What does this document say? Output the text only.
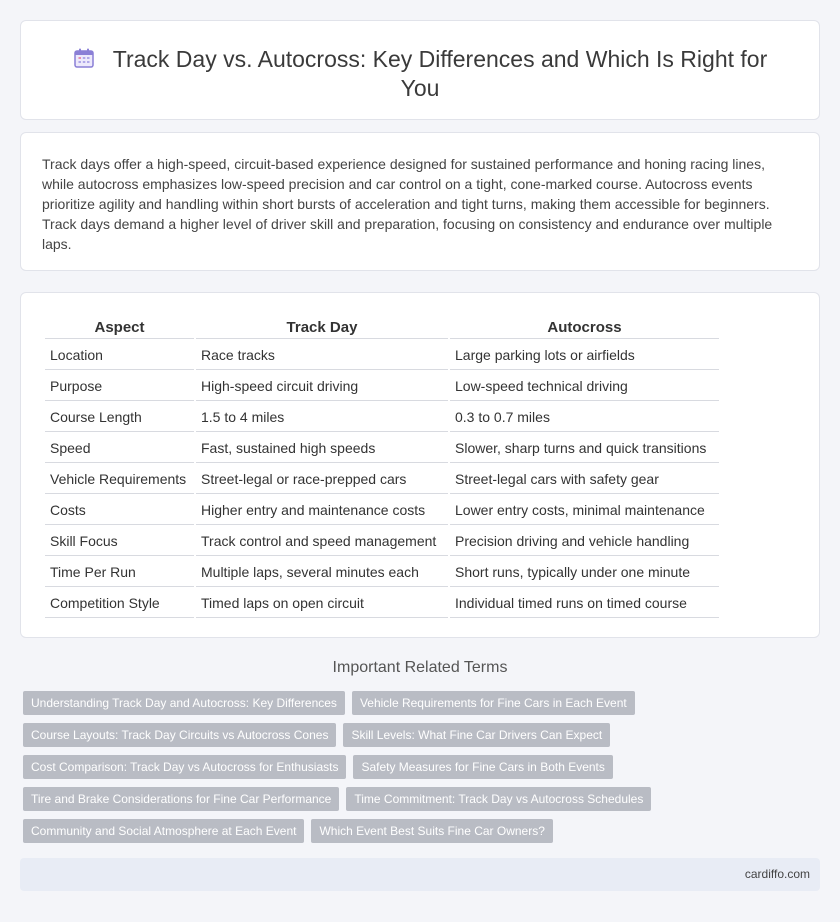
Track Day vs. Autocross: Key Differences and Which Is Right for You

Track days offer a high-speed, circuit-based experience designed for sustained performance and honing racing lines, while autocross emphasizes low-speed precision and car control on a tight, cone-marked course. Autocross events prioritize agility and handling within short bursts of acceleration and tight turns, making them accessible for beginners. Track days demand a higher level of driver skill and preparation, focusing on consistency and endurance over multiple laps.

Aspect	Track Day	Autocross
Location	Race tracks	Large parking lots or airfields
Purpose	High-speed circuit driving	Low-speed technical driving
Course Length	1.5 to 4 miles	0.3 to 0.7 miles
Speed	Fast, sustained high speeds	Slower, sharp turns and quick transitions
Vehicle Requirements	Street-legal or race-prepped cars	Street-legal cars with safety gear
Costs	Higher entry and maintenance costs	Lower entry costs, minimal maintenance
Skill Focus	Track control and speed management	Precision driving and vehicle handling
Time Per Run	Multiple laps, several minutes each	Short runs, typically under one minute
Competition Style	Timed laps on open circuit	Individual timed runs on timed course
Important Related Terms
Understanding Track Day and Autocross: Key Differences	Vehicle Requirements for Fine Cars in Each Event
Course Layouts: Track Day Circuits vs Autocross Cones	Skill Levels: What Fine Car Drivers Can Expect
Cost Comparison: Track Day vs Autocross for Enthusiasts	Safety Measures for Fine Cars in Both Events
Tire and Brake Considerations for Fine Car Performance	Time Commitment: Track Day vs Autocross Schedules
Community and Social Atmosphere at Each Event	Which Event Best Suits Fine Car Owners?
cardiffo.com
